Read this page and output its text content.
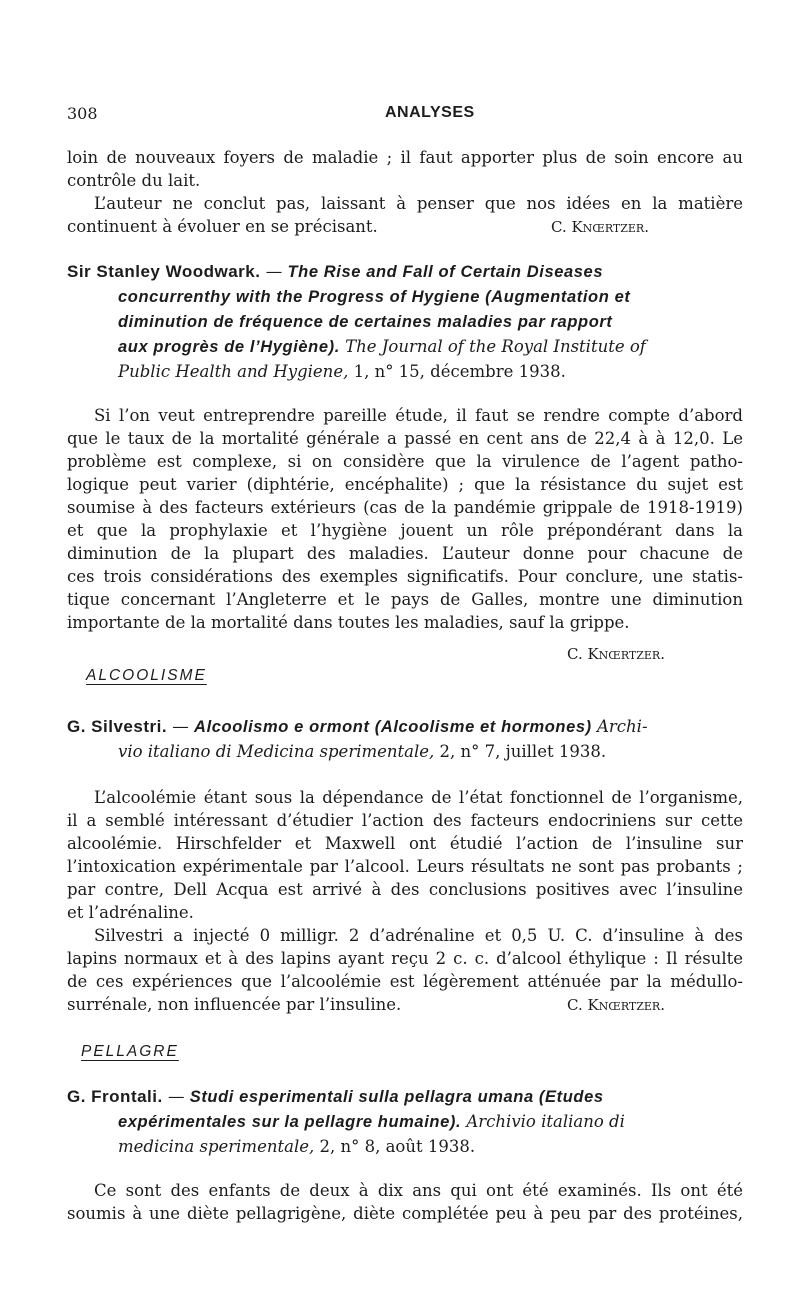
308	ANALYSES
loin de nouveaux foyers de maladie ; il faut apporter plus de soin encore au
contrôle du lait.
L’auteur ne conclut pas, laissant à penser que nos idées en la matière
continuent à évoluer en se précisant.	C. Knœrtzer.
Sir Stanley Woodwark. — The Rise and Fall of Certain Diseases
concurrenthy with the Progress of Hygiene (Augmentation et
diminution de fréquence de certaines maladies par rapport
aux progrès de l’Hygiène). The Journal of the Royal Institute of
Public Health and Hygiene, 1, n° 15, décembre 1938.
Si l’on veut entreprendre pareille étude, il faut se rendre compte d’abord
que le taux de la mortalité générale a passé en cent ans de 22,4 à à 12,0. Le
problème est complexe, si on considère que la virulence de l’agent patho-
logique peut varier (diphtérie, encéphalite) ; que la résistance du sujet est
soumise à des facteurs extérieurs (cas de la pandémie grippale de 1918-1919)
et que la prophylaxie et l’hygiène jouent un rôle prépondérant dans la
diminution de la plupart des maladies. L’auteur donne pour chacune de
ces trois considérations des exemples significatifs. Pour conclure, une statis-
tique concernant l’Angleterre et le pays de Galles, montre une diminution
importante de la mortalité dans toutes les maladies, sauf la grippe.
C. Knœrtzer.
ALCOOLISME
G. Silvestri. — Alcoolismo e ormont (Alcoolisme et hormones) Archi-
vio italiano di Medicina sperimentale, 2, n° 7, juillet 1938.
L’alcoolémie étant sous la dépendance de l’état fonctionnel de l’organisme,
il a semblé intéressant d’étudier l’action des facteurs endocriniens sur cette
alcoolémie. Hirschfelder et Maxwell ont étudié l’action de l’insuline sur
l’intoxication expérimentale par l’alcool. Leurs résultats ne sont pas probants ;
par contre, Dell Acqua est arrivé à des conclusions positives avec l’insuline
et l’adrénaline.
Silvestri a injecté 0 milligr. 2 d’adrénaline et 0,5 U. C. d’insuline à des
lapins normaux et à des lapins ayant reçu 2 c. c. d’alcool éthylique : Il résulte
de ces expériences que l’alcoolémie est légèrement atténuée par la médullo-
surrénale, non influencée par l’insuline.	C. Knœrtzer.
PELLAGRE
G. Frontali. — Studi esperimentali sulla pellagra umana (Etudes
expérimentales sur la pellagre humaine). Archivio italiano di
medicina sperimentale, 2, n° 8, août 1938.
Ce sont des enfants de deux à dix ans qui ont été examinés. Ils ont été
soumis à une diète pellagrigène, diète complétée peu à peu par des protéines,
